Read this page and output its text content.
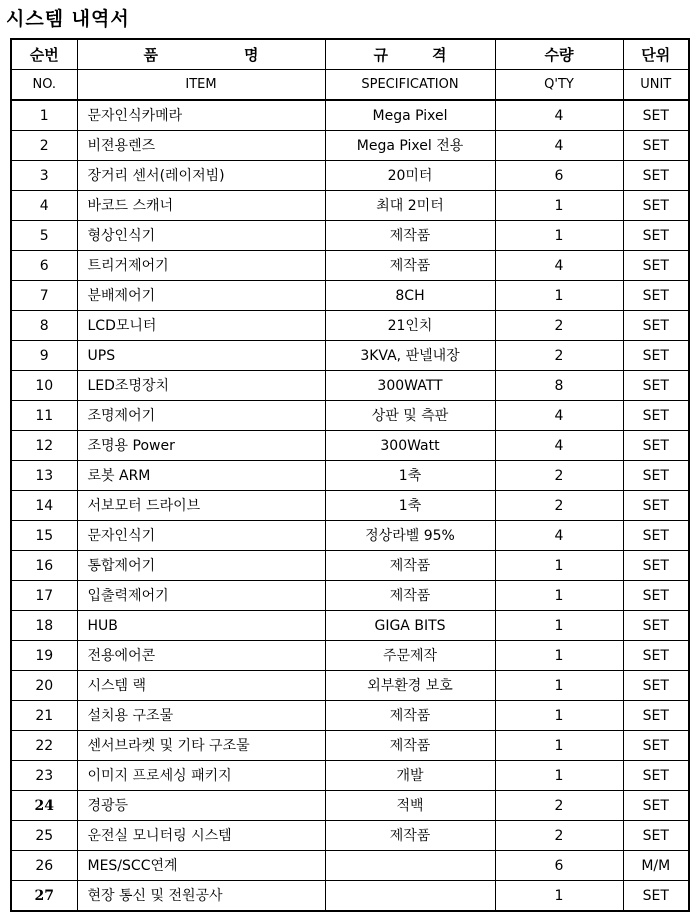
시스템 내역서
순번	품 명	규 격	수량	단위
NO.	ITEM	SPECIFICATION	Q'TY	UNIT
1	문자인식카메라	Mega Pixel	4	SET
2	비젼용렌즈	Mega Pixel 전용	4	SET
3	장거리 센서(레이저빔)	20미터	6	SET
4	바코드 스캐너	최대 2미터	1	SET
5	형상인식기	제작품	1	SET
6	트리거제어기	제작품	4	SET
7	분배제어기	8CH	1	SET
8	LCD모니터	21인치	2	SET
9	UPS	3KVA, 판넬내장	2	SET
10	LED조명장치	300WATT	8	SET
11	조명제어기	상판 및 측판	4	SET
12	조명용 Power	300Watt	4	SET
13	로봇 ARM	1축	2	SET
14	서보모터 드라이브	1축	2	SET
15	문자인식기	정상라벨 95%	4	SET
16	통합제어기	제작품	1	SET
17	입출력제어기	제작품	1	SET
18	HUB	GIGA BITS	1	SET
19	전용에어콘	주문제작	1	SET
20	시스템 랙	외부환경 보호	1	SET
21	설치용 구조물	제작품	1	SET
22	센서브라켓 및 기타 구조물	제작품	1	SET
23	이미지 프로세싱 패키지	개발	1	SET
24	경광등	적백	2	SET
25	운전실 모니터링 시스템	제작품	2	SET
26	MES/SCC연계		6	M/M
27	현장 통신 및 전원공사		1	SET
